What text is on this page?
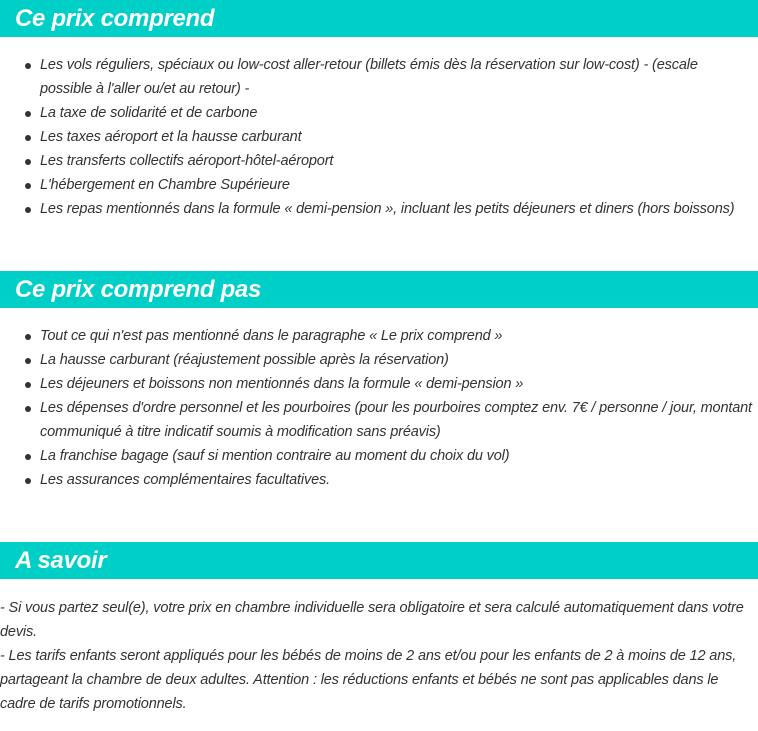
Ce prix comprend
Les vols réguliers, spéciaux ou low-cost aller-retour (billets émis dès la réservation sur low-cost) - (escale possible à l'aller ou/et au retour) -
La taxe de solidarité et de carbone
Les taxes aéroport et la hausse carburant
Les transferts collectifs aéroport-hôtel-aéroport
L'hébergement en Chambre Supérieure
Les repas mentionnés dans la formule « demi-pension », incluant les petits déjeuners et diners (hors boissons)
Ce prix comprend pas
Tout ce qui n'est pas mentionné dans le paragraphe « Le prix comprend »
La hausse carburant (réajustement possible après la réservation)
Les déjeuners et boissons non mentionnés dans la formule « demi-pension »
Les dépenses d'ordre personnel et les pourboires (pour les pourboires comptez env. 7€ / personne / jour, montant communiqué à titre indicatif soumis à modification sans préavis)
La franchise bagage (sauf si mention contraire au moment du choix du vol)
Les assurances complémentaires facultatives.
A savoir

- Si vous partez seul(e), votre prix en chambre individuelle sera obligatoire et sera calculé automatiquement dans votre devis.

- Les tarifs enfants seront appliqués pour les bébés de moins de 2 ans et/ou pour les enfants de 2 à moins de 12 ans, partageant la chambre de deux adultes. Attention : les réductions enfants et bébés ne sont pas applicables dans le cadre de tarifs promotionnels.
